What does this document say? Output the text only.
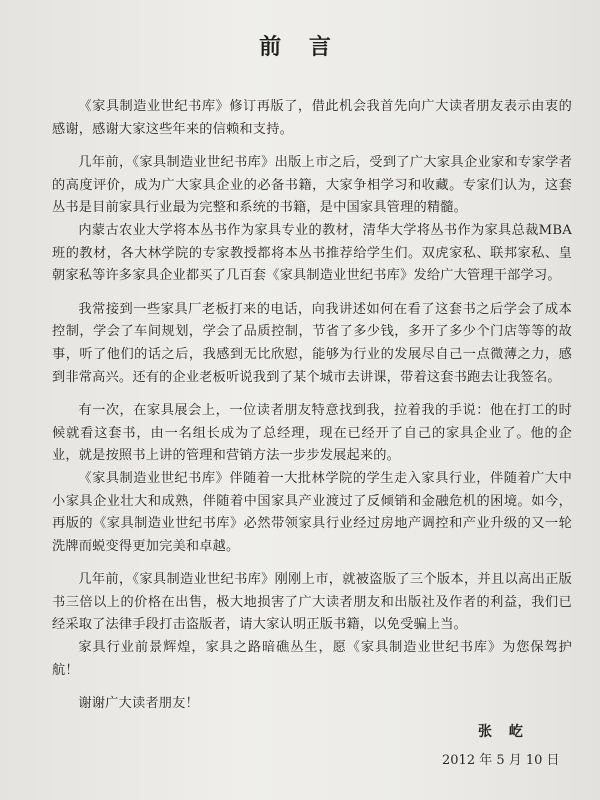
前 言

《家具制造业世纪书库》修订再版了，借此机会我首先向广大读者朋友表示由衷的感谢，感谢大家这些年来的信赖和支持。

几年前，《家具制造业世纪书库》出版上市之后，受到了广大家具企业家和专家学者的高度评价，成为广大家具企业的必备书籍，大家争相学习和收藏。专家们认为，这套丛书是目前家具行业最为完整和系统的书籍，是中国家具管理的精髓。

内蒙古农业大学将本丛书作为家具专业的教材，清华大学将丛书作为家具总裁MBA班的教材，各大林学院的专家教授都将本丛书推荐给学生们。双虎家私、联邦家私、皇朝家私等许多家具企业都买了几百套《家具制造业世纪书库》发给广大管理干部学习。

我常接到一些家具厂老板打来的电话，向我讲述如何在看了这套书之后学会了成本控制，学会了车间规划，学会了品质控制，节省了多少钱，多开了多少个门店等等的故事，听了他们的话之后，我感到无比欣慰，能够为行业的发展尽自己一点微薄之力，感到非常高兴。还有的企业老板听说我到了某个城市去讲课，带着这套书跑去让我签名。

有一次，在家具展会上，一位读者朋友特意找到我，拉着我的手说：他在打工的时候就看这套书，由一名组长成为了总经理，现在已经开了自己的家具企业了。他的企业，就是按照书上讲的管理和营销方法一步步发展起来的。

《家具制造业世纪书库》伴随着一大批林学院的学生走入家具行业，伴随着广大中小家具企业壮大和成熟，伴随着中国家具产业渡过了反倾销和金融危机的困境。如今，再版的《家具制造业世纪书库》必然带领家具行业经过房地产调控和产业升级的又一轮洗牌而蜕变得更加完美和卓越。

几年前，《家具制造业世纪书库》刚刚上市，就被盗版了三个版本，并且以高出正版书三倍以上的价格在出售，极大地损害了广大读者朋友和出版社及作者的利益，我们已经采取了法律手段打击盗版者，请大家认明正版书籍，以免受骗上当。

家具行业前景辉煌，家具之路暗礁丛生，愿《家具制造业世纪书库》为您保驾护航！

谢谢广大读者朋友！

张 屹
2012 年 5 月 10 日
